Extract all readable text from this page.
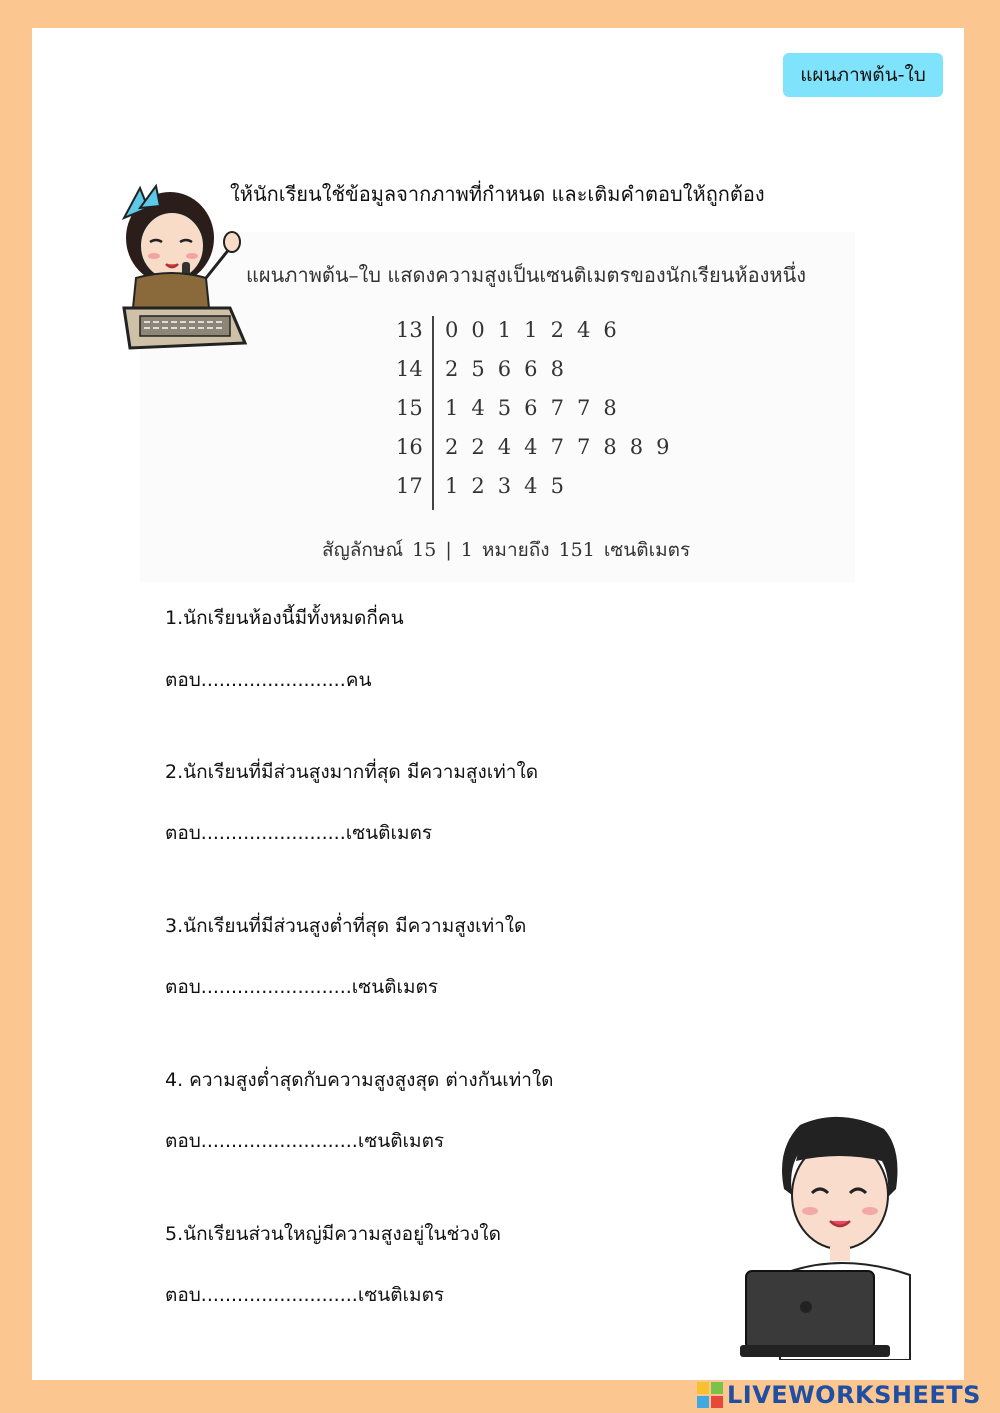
แผนภาพต้น-ใบ
ให้นักเรียนใช้ข้อมูลจากภาพที่กำหนด และเติมคำตอบให้ถูกต้อง
แผนภาพต้น–ใบ แสดงความสูงเป็นเซนติเมตรของนักเรียนห้องหนึ่ง
13 0 0 1 1 2 4 6
14 2 5 6 6 8
15 1 4 5 6 7 7 8
16 2 2 4 4 7 7 8 8 9
17 1 2 3 4 5
สัญลักษณ์ 15 | 1 หมายถึง 151 เซนติเมตร
1.นักเรียนห้องนี้มีทั้งหมดกี่คน
ตอบ........................คน
2.นักเรียนที่มีส่วนสูงมากที่สุด มีความสูงเท่าใด
ตอบ........................เซนติเมตร
3.นักเรียนที่มีส่วนสูงต่ำที่สุด มีความสูงเท่าใด
ตอบ.........................เซนติเมตร
4. ความสูงต่ำสุดกับความสูงสูงสุด ต่างกันเท่าใด
ตอบ..........................เซนติเมตร
5.นักเรียนส่วนใหญ่มีความสูงอยู่ในช่วงใด
ตอบ..........................เซนติเมตร
LIVEWORKSHEETS
